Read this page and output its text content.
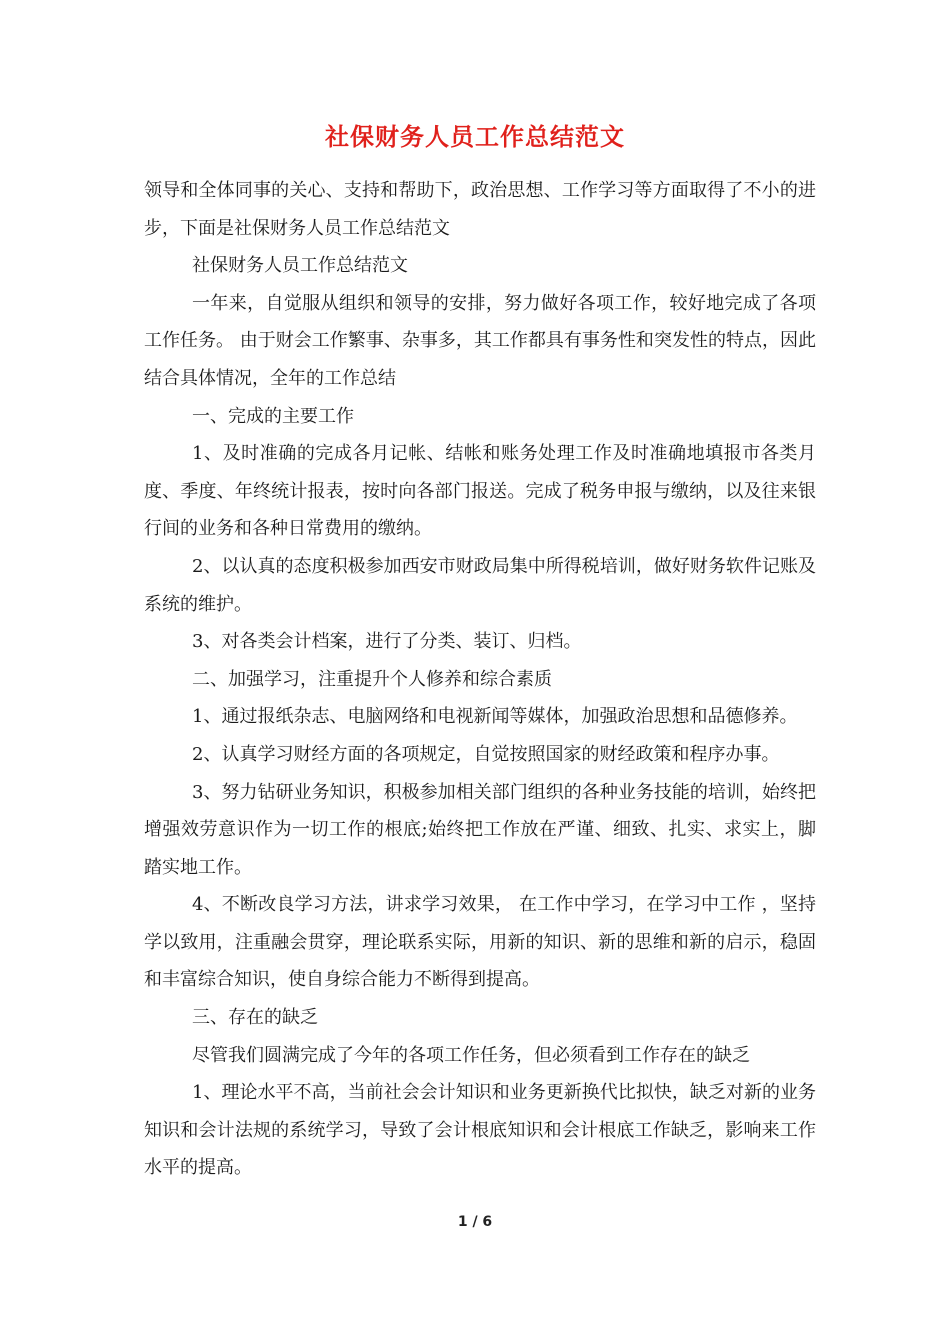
社保财务人员工作总结范文

领导和全体同事的关心、支持和帮助下，政治思想、工作学习等方面取得了不小的进步，下面是社保财务人员工作总结范文

社保财务人员工作总结范文

一年来，自觉服从组织和领导的安排，努力做好各项工作，较好地完成了各项工作任务。 由于财会工作繁事、杂事多，其工作都具有事务性和突发性的特点，因此结合具体情况，全年的工作总结

一、完成的主要工作

1、及时准确的完成各月记帐、结帐和账务处理工作及时准确地填报市各类月度、季度、年终统计报表，按时向各部门报送。完成了税务申报与缴纳，以及往来银行间的业务和各种日常费用的缴纳。

2、以认真的态度积极参加西安市财政局集中所得税培训，做好财务软件记账及系统的维护。

3、对各类会计档案，进行了分类、装订、归档。

二、加强学习，注重提升个人修养和综合素质

1、通过报纸杂志、电脑网络和电视新闻等媒体，加强政治思想和品德修养。

2、认真学习财经方面的各项规定，自觉按照国家的财经政策和程序办事。

3、努力钻研业务知识，积极参加相关部门组织的各种业务技能的培训，始终把增强效劳意识作为一切工作的根底;始终把工作放在严谨、细致、扎实、求实上，脚踏实地工作。

4、不断改良学习方法，讲求学习效果， 在工作中学习，在学习中工作 ，坚持学以致用，注重融会贯穿，理论联系实际，用新的知识、新的思维和新的启示，稳固和丰富综合知识，使自身综合能力不断得到提高。

三、存在的缺乏

尽管我们圆满完成了今年的各项工作任务，但必须看到工作存在的缺乏

1、理论水平不高，当前社会会计知识和业务更新换代比拟快，缺乏对新的业务知识和会计法规的系统学习，导致了会计根底知识和会计根底工作缺乏，影响来工作水平的提高。

1 / 6
